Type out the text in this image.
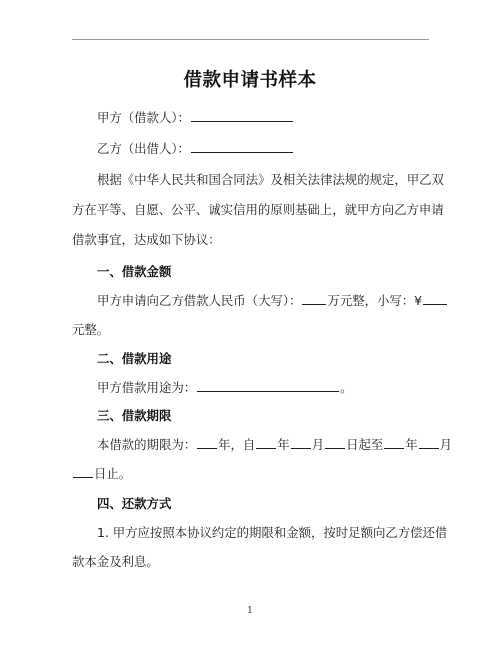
借款申请书样本
甲方（借款人）：
乙方（出借人）：
根据《中华人民共和国合同法》及相关法律法规的规定，甲乙双
方在平等、自愿、公平、诚实信用的原则基础上，就甲方向乙方申请
借款事宜，达成如下协议：
一、借款金额
甲方申请向乙方借款人民币（大写）： 万元整，小写：¥
元整。
二、借款用途
甲方借款用途为：	。
三、借款期限
本借款的期限为： 年，自 年 月 日起至 年 月
日止。
四、还款方式
1. 甲方应按照本协议约定的期限和金额，按时足额向乙方偿还借
款本金及利息。
1
